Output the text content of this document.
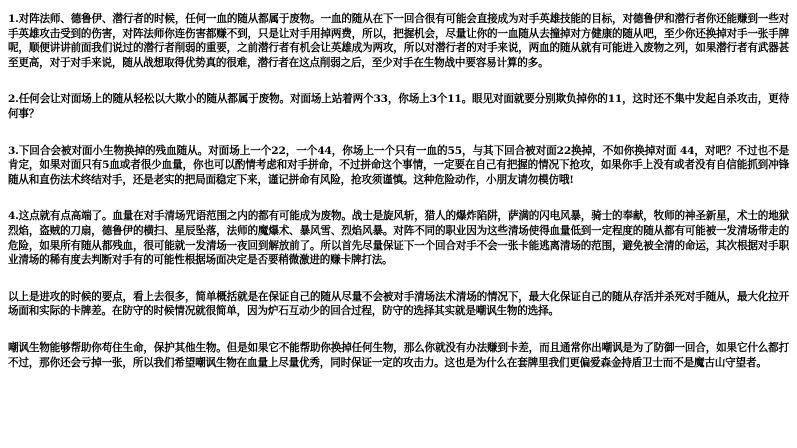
1.对阵法师、德鲁伊、潜行者的时候，任何一血的随从都属于废物。一血的随从在下一回合很有可能会直接成为对手英雄技能的目标，对德鲁伊和潜行者你还能赚到一些对手英雄攻击受到的伤害，对阵法师你连伤害都赚不到，只是让对手用掉两费，所以，把握机会，尽量让你的一血随从去撞掉对方健康的随从吧，至少你还换掉对手一张手牌呢，顺便讲讲前面我们说过的潜行者削弱的重要，之前潜行者有机会让英雄成为两攻，所以对潜行者的对手来说，两血的随从就有可能进入废物之列，如果潜行者有武器甚至更高，对于对手来说，随从战想取得优势真的很难，潜行者在这点削弱之后，至少对手在生物战中要容易计算的多。

2.任何会让对面场上的随从轻松以大欺小的随从都属于废物。对面场上站着两个33，你场上3个11。眼见对面就要分别欺负掉你的11，这时还不集中发起自杀攻击，更待何事？

3.下回合会被对面小生物换掉的残血随从。对面场上一个22，一个44，你场上一个只有一血的55，与其下回合被对面22换掉，不如你换掉对面 44，对吧？不过也不是肯定，如果对面只有5血或者很少血量，你也可以酌情考虑和对手拼命，不过拼命这个事情，一定要在自己有把握的情况下抢攻，如果你手上没有或者没有自信能抓到冲锋随从和直伤法术终结对手，还是老实的把局面稳定下来，谨记拼命有风险，抢攻须谨慎。这种危险动作，小朋友请勿模仿哦!

4.这点就有点高端了。血量在对手清场咒语范围之内的都有可能成为废物。战士是旋风斩，猎人的爆炸陷阱，萨满的闪电风暴，骑士的奉献，牧师的神圣新星，术士的地狱烈焰，盗贼的刀扇，德鲁伊的横扫、星辰坠落，法师的魔爆术、暴风雪、烈焰风暴。对阵不同的职业因为这些清场使得血量低到一定程度的随从都有可能被一发清场带走的危险，如果所有随从都残血，很可能就一发清场一夜回到解放前了。所以首先尽量保证下一个回合对手不会一张卡能逃离清场的范围，避免被全清的命运，其次根据对手职业清场的稀有度去判断对手有的可能性根据场面决定是否要稍微激进的赚卡牌打法。

以上是进攻的时候的要点，看上去很多，简单概括就是在保证自己的随从尽量不会被对手清场法术清场的情况下，最大化保证自己的随从存活并杀死对手随从，最大化拉开场面和实际的卡牌差。在防守的时候情况就很简单，因为炉石互动少的回合过程，防守的选择其实就是嘲讽生物的选择。

嘲讽生物能够帮助你苟住生命，保护其他生物。但是如果它不能帮助你换掉任何生物，那么你就没有办法赚到卡差，而且通常你出嘲讽是为了防御一回合，如果它什么都打不过，那你还会亏掉一张，所以我们希望嘲讽生物在血量上尽量优秀，同时保证一定的攻击力。这也是为什么在套牌里我们更偏爱森金持盾卫士而不是魔古山守望者。
